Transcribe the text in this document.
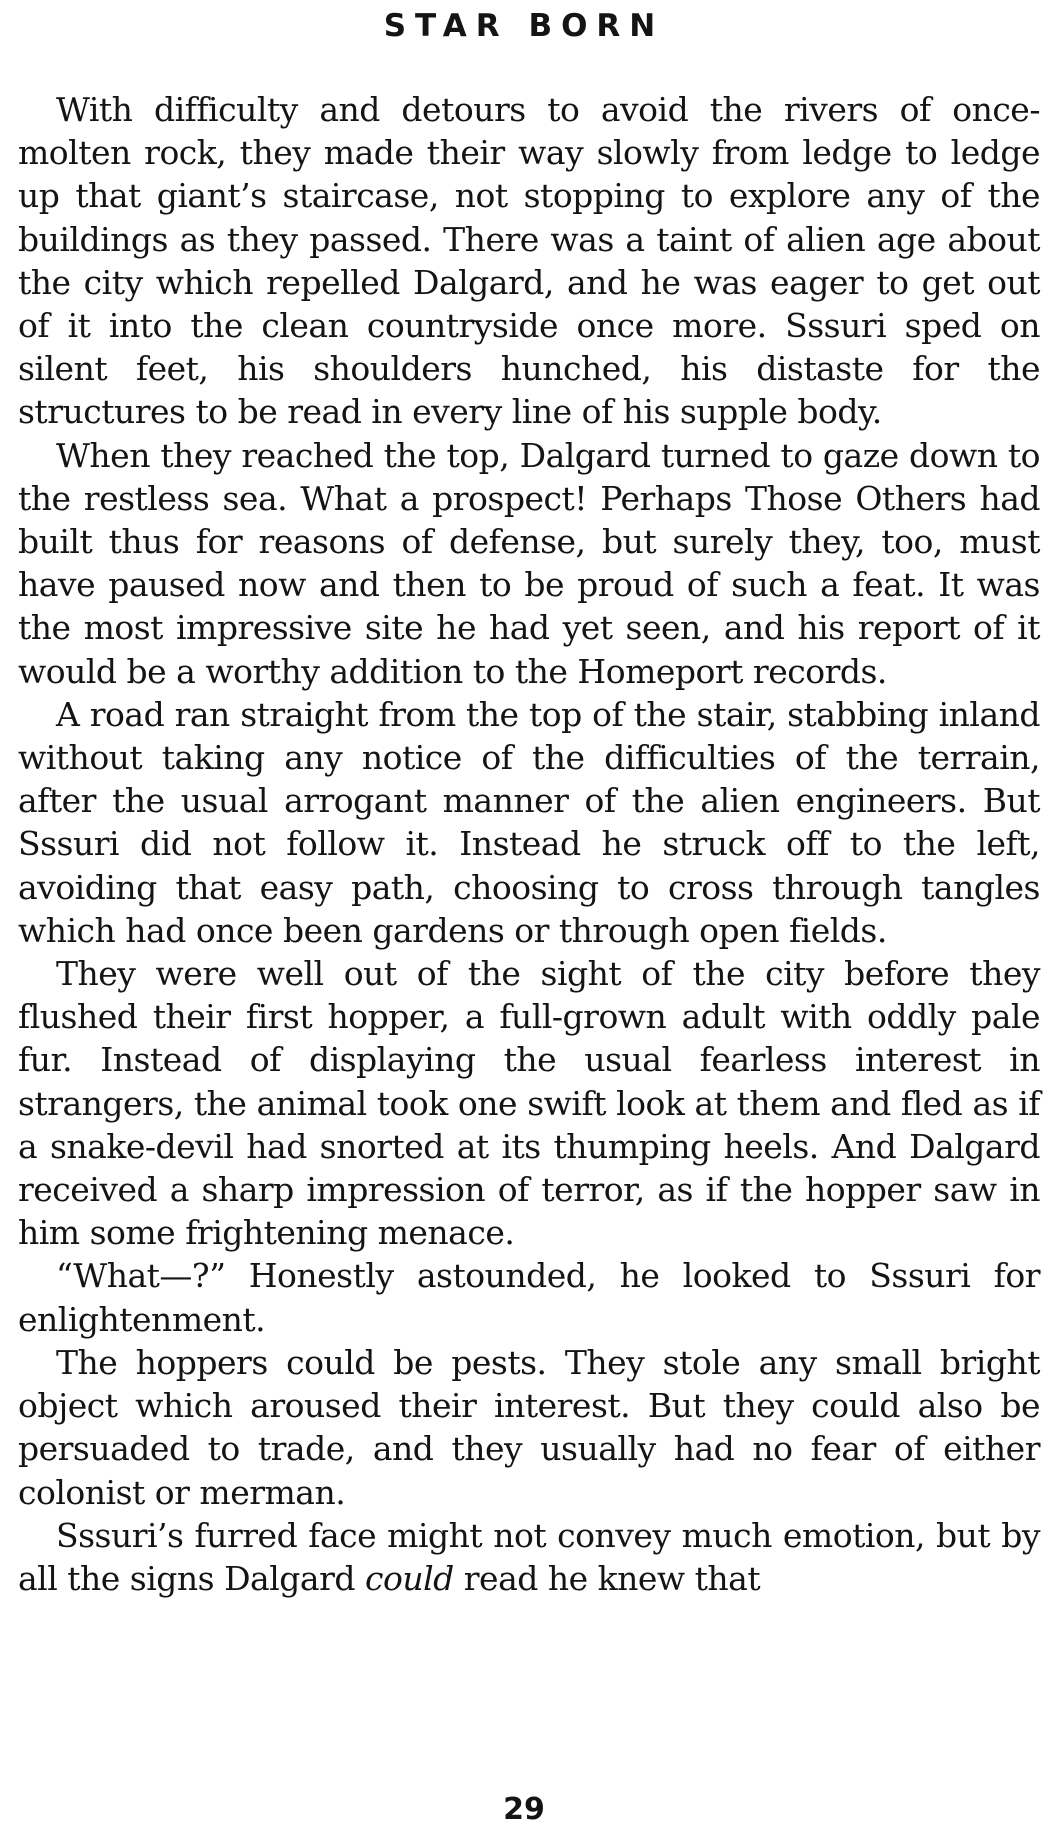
STAR BORN

With difficulty and detours to avoid the rivers of once-molten rock, they made their way slowly from ledge to ledge up that giant’s staircase, not stopping to explore any of the buildings as they passed. There was a taint of alien age about the city which repelled Dalgard, and he was eager to get out of it into the clean countryside once more. Sssuri sped on silent feet, his shoulders hunched, his distaste for the structures to be read in every line of his supple body.

When they reached the top, Dalgard turned to gaze down to the restless sea. What a prospect! Perhaps Those Others had built thus for reasons of defense, but surely they, too, must have paused now and then to be proud of such a feat. It was the most impressive site he had yet seen, and his report of it would be a worthy addition to the Homeport records.

A road ran straight from the top of the stair, stabbing inland without taking any notice of the difficulties of the terrain, after the usual arrogant manner of the alien engineers. But Sssuri did not follow it. Instead he struck off to the left, avoiding that easy path, choosing to cross through tangles which had once been gardens or through open fields.

They were well out of the sight of the city before they flushed their first hopper, a full-grown adult with oddly pale fur. Instead of displaying the usual fearless interest in strangers, the animal took one swift look at them and fled as if a snake-devil had snorted at its thumping heels. And Dalgard received a sharp impression of terror, as if the hopper saw in him some frightening menace.

“What—?” Honestly astounded, he looked to Sssuri for enlightenment.

The hoppers could be pests. They stole any small bright object which aroused their interest. But they could also be persuaded to trade, and they usually had no fear of either colonist or merman.

Sssuri’s furred face might not convey much emotion, but by all the signs Dalgard could read he knew that

29
